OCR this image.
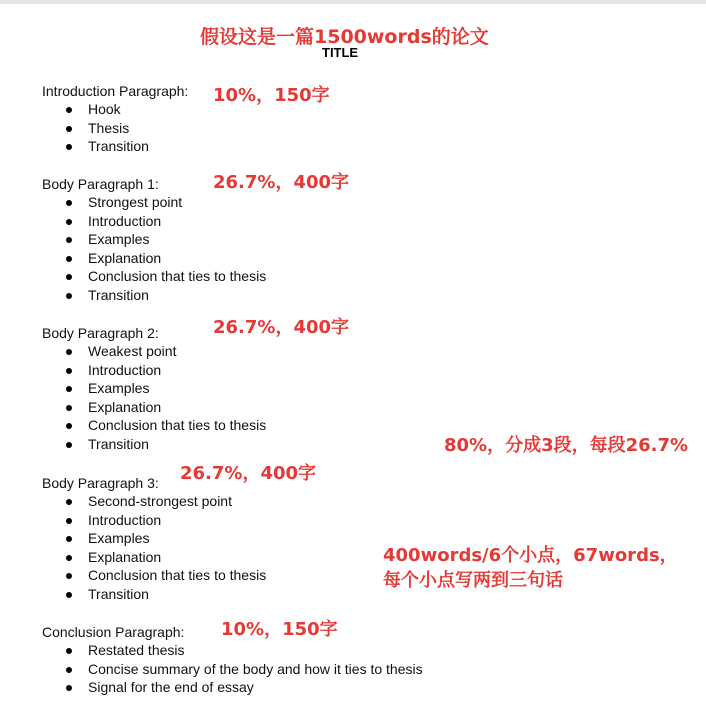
假设这是一篇1500words的论文
TITLE
Introduction Paragraph:
Hook
Thesis
Transition
10%，150字
Body Paragraph 1:
Strongest point
Introduction
Examples
Explanation
Conclusion that ties to thesis
Transition
26.7%，400字
Body Paragraph 2:
Weakest point
Introduction
Examples
Explanation
Conclusion that ties to thesis
Transition
26.7%，400字
Body Paragraph 3:
Second-strongest point
Introduction
Examples
Explanation
Conclusion that ties to thesis
Transition
26.7%，400字
Conclusion Paragraph:
Restated thesis
Concise summary of the body and how it ties to thesis
Signal for the end of essay
10%，150字
80%，分成3段，每段26.7%
400words/6个小点，67words，
每个小点写两到三句话
